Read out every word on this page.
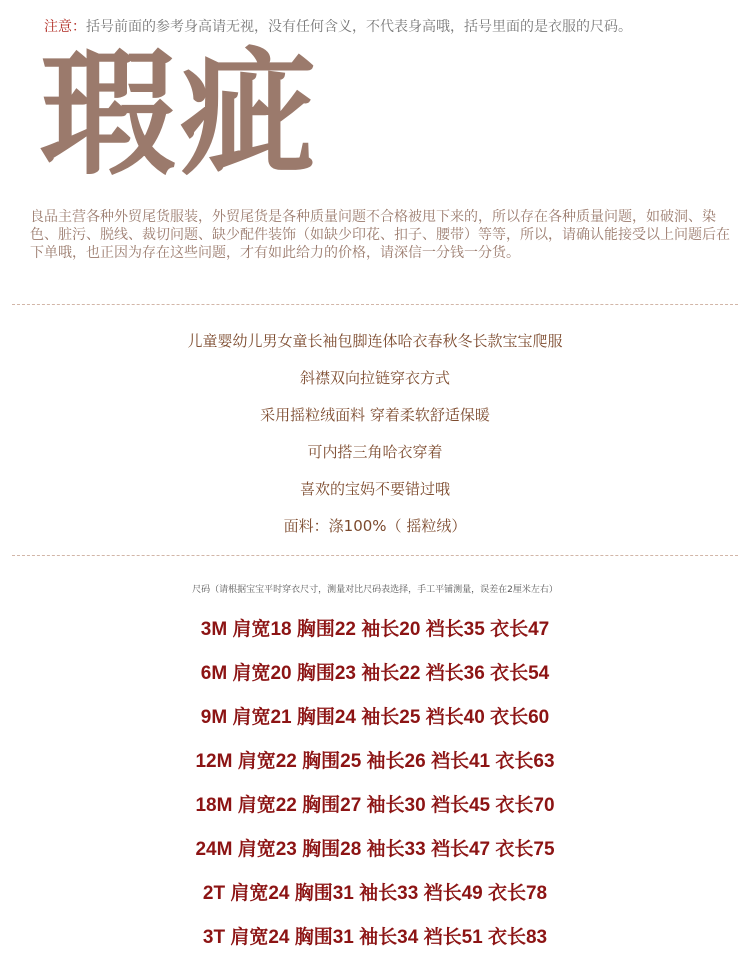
注意：括号前面的参考身高请无视，没有任何含义，不代表身高哦，括号里面的是衣服的尺码。
瑕疵
良品主营各种外贸尾货服装，外贸尾货是各种质量问题不合格被甩下来的，所以存在各种质量问题，如破洞、染色、脏污、脱线、裁切问题、缺少配件装饰（如缺少印花、扣子、腰带）等等，所以，请确认能接受以上问题后在下单哦，也正因为存在这些问题，才有如此给力的价格，请深信一分钱一分货。
儿童婴幼儿男女童长袖包脚连体哈衣春秋冬长款宝宝爬服
斜襟双向拉链穿衣方式
采用摇粒绒面料 穿着柔软舒适保暖
可内搭三角哈衣穿着
喜欢的宝妈不要错过哦
面料：涤100%（ 摇粒绒）
尺码（请根据宝宝平时穿衣尺寸，测量对比尺码表选择，手工平铺测量，误差在2厘米左右）
3M 肩宽18 胸围22 袖长20 裆长35 衣长47
6M 肩宽20 胸围23 袖长22 裆长36 衣长54
9M 肩宽21 胸围24 袖长25 裆长40 衣长60
12M 肩宽22 胸围25 袖长26 裆长41 衣长63
18M 肩宽22 胸围27 袖长30 裆长45 衣长70
24M 肩宽23 胸围28 袖长33 裆长47 衣长75
2T 肩宽24 胸围31 袖长33 裆长49 衣长78
3T 肩宽24 胸围31 袖长34 裆长51 衣长83
